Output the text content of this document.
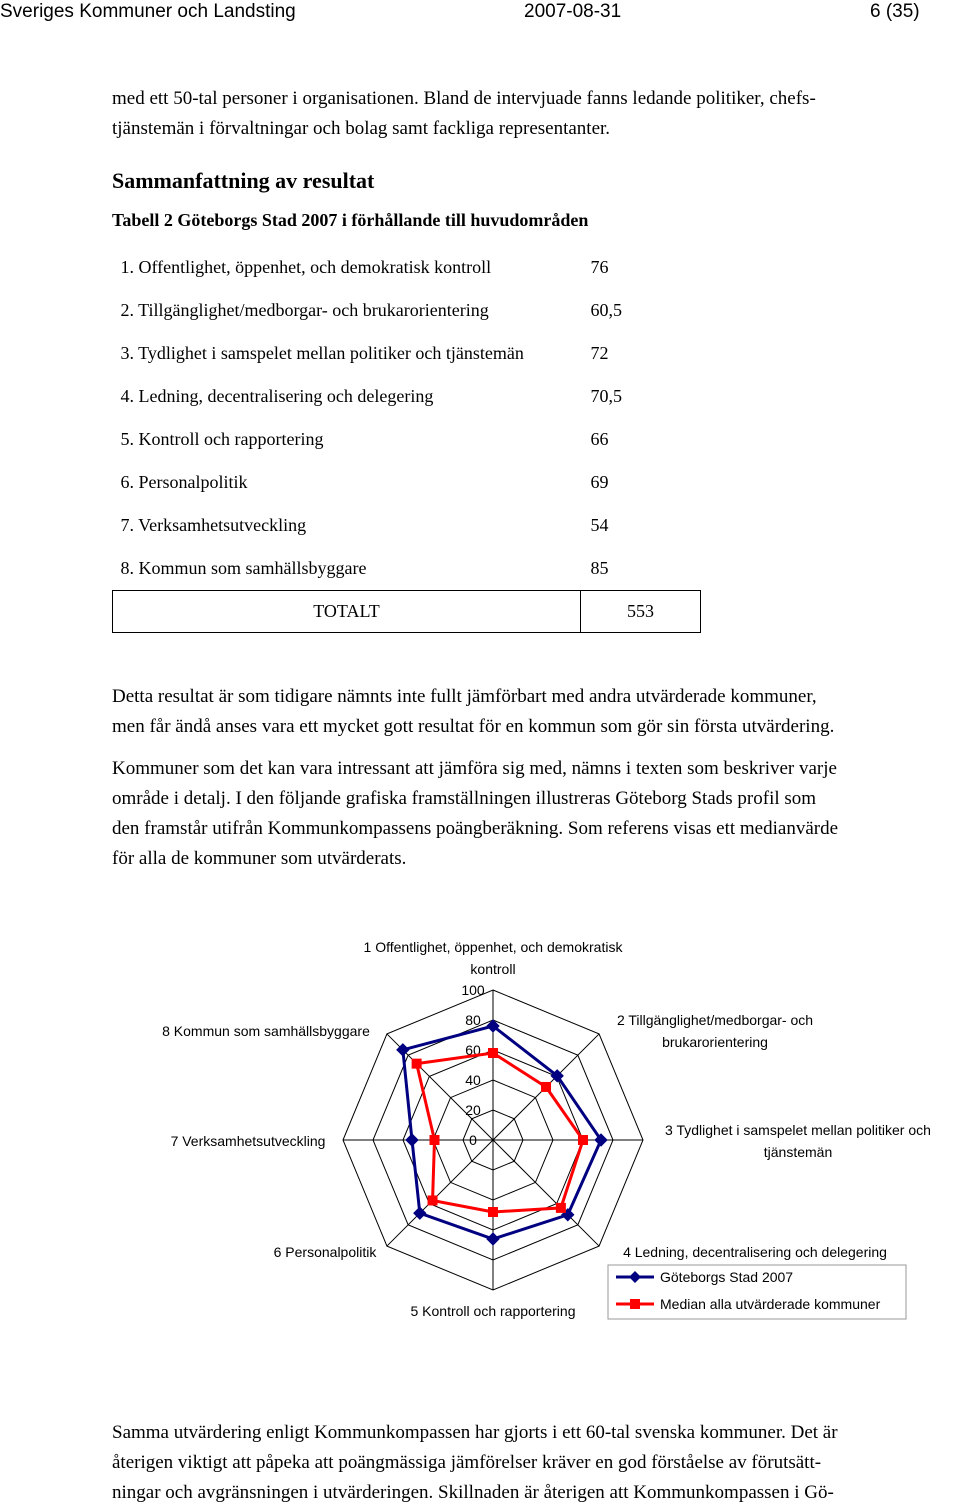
Sveriges Kommuner och Landsting	2007-08-31	6 (35)

med ett 50-tal personer i organisationen. Bland de intervjuade fanns ledande politiker, chefs-
tjänstemän i förvaltningar och bolag samt fackliga representanter.

Sammanfattning av resultat

Tabell 2 Göteborgs Stad 2007 i förhållande till huvudområden

1. Offentlighet, öppenhet, och demokratisk kontroll	76
2. Tillgänglighet/medborgar- och brukarorientering	60,5
3. Tydlighet i samspelet mellan politiker och tjänstemän	72
4. Ledning, decentralisering och delegering	70,5
5. Kontroll och rapportering	66
6. Personalpolitik	69
7. Verksamhetsutveckling	54
8. Kommun som samhällsbyggare	85
TOTALT	553

Detta resultat är som tidigare nämnts inte fullt jämförbart med andra utvärderade kommuner,
men får ändå anses vara ett mycket gott resultat för en kommun som gör sin första utvärdering.

Kommuner som det kan vara intressant att jämföra sig med, nämns i texten som beskriver varje
område i detalj. I den följande grafiska framställningen illustreras Göteborg Stads profil som
den framstår utifrån Kommunkompassens poängberäkning. Som referens visas ett medianvärde
för alla de kommuner som utvärderats.

0
20
40
60
80
100
1 Offentlighet, öppenhet, och demokratisk
kontroll
2 Tillgänglighet/medborgar- och
brukarorientering
3 Tydlighet i samspelet mellan politiker och
tjänstemän
4 Ledning, decentralisering och delegering
5 Kontroll och rapportering
6 Personalpolitik
7 Verksamhetsutveckling
8 Kommun som samhällsbyggare
Göteborgs Stad 2007
Median alla utvärderade kommuner

Samma utvärdering enligt Kommunkompassen har gjorts i ett 60-tal svenska kommuner. Det är
återigen viktigt att påpeka att poängmässiga jämförelser kräver en god förståelse av förutsätt-
ningar och avgränsningen i utvärderingen. Skillnaden är återigen att Kommunkompassen i Gö-
